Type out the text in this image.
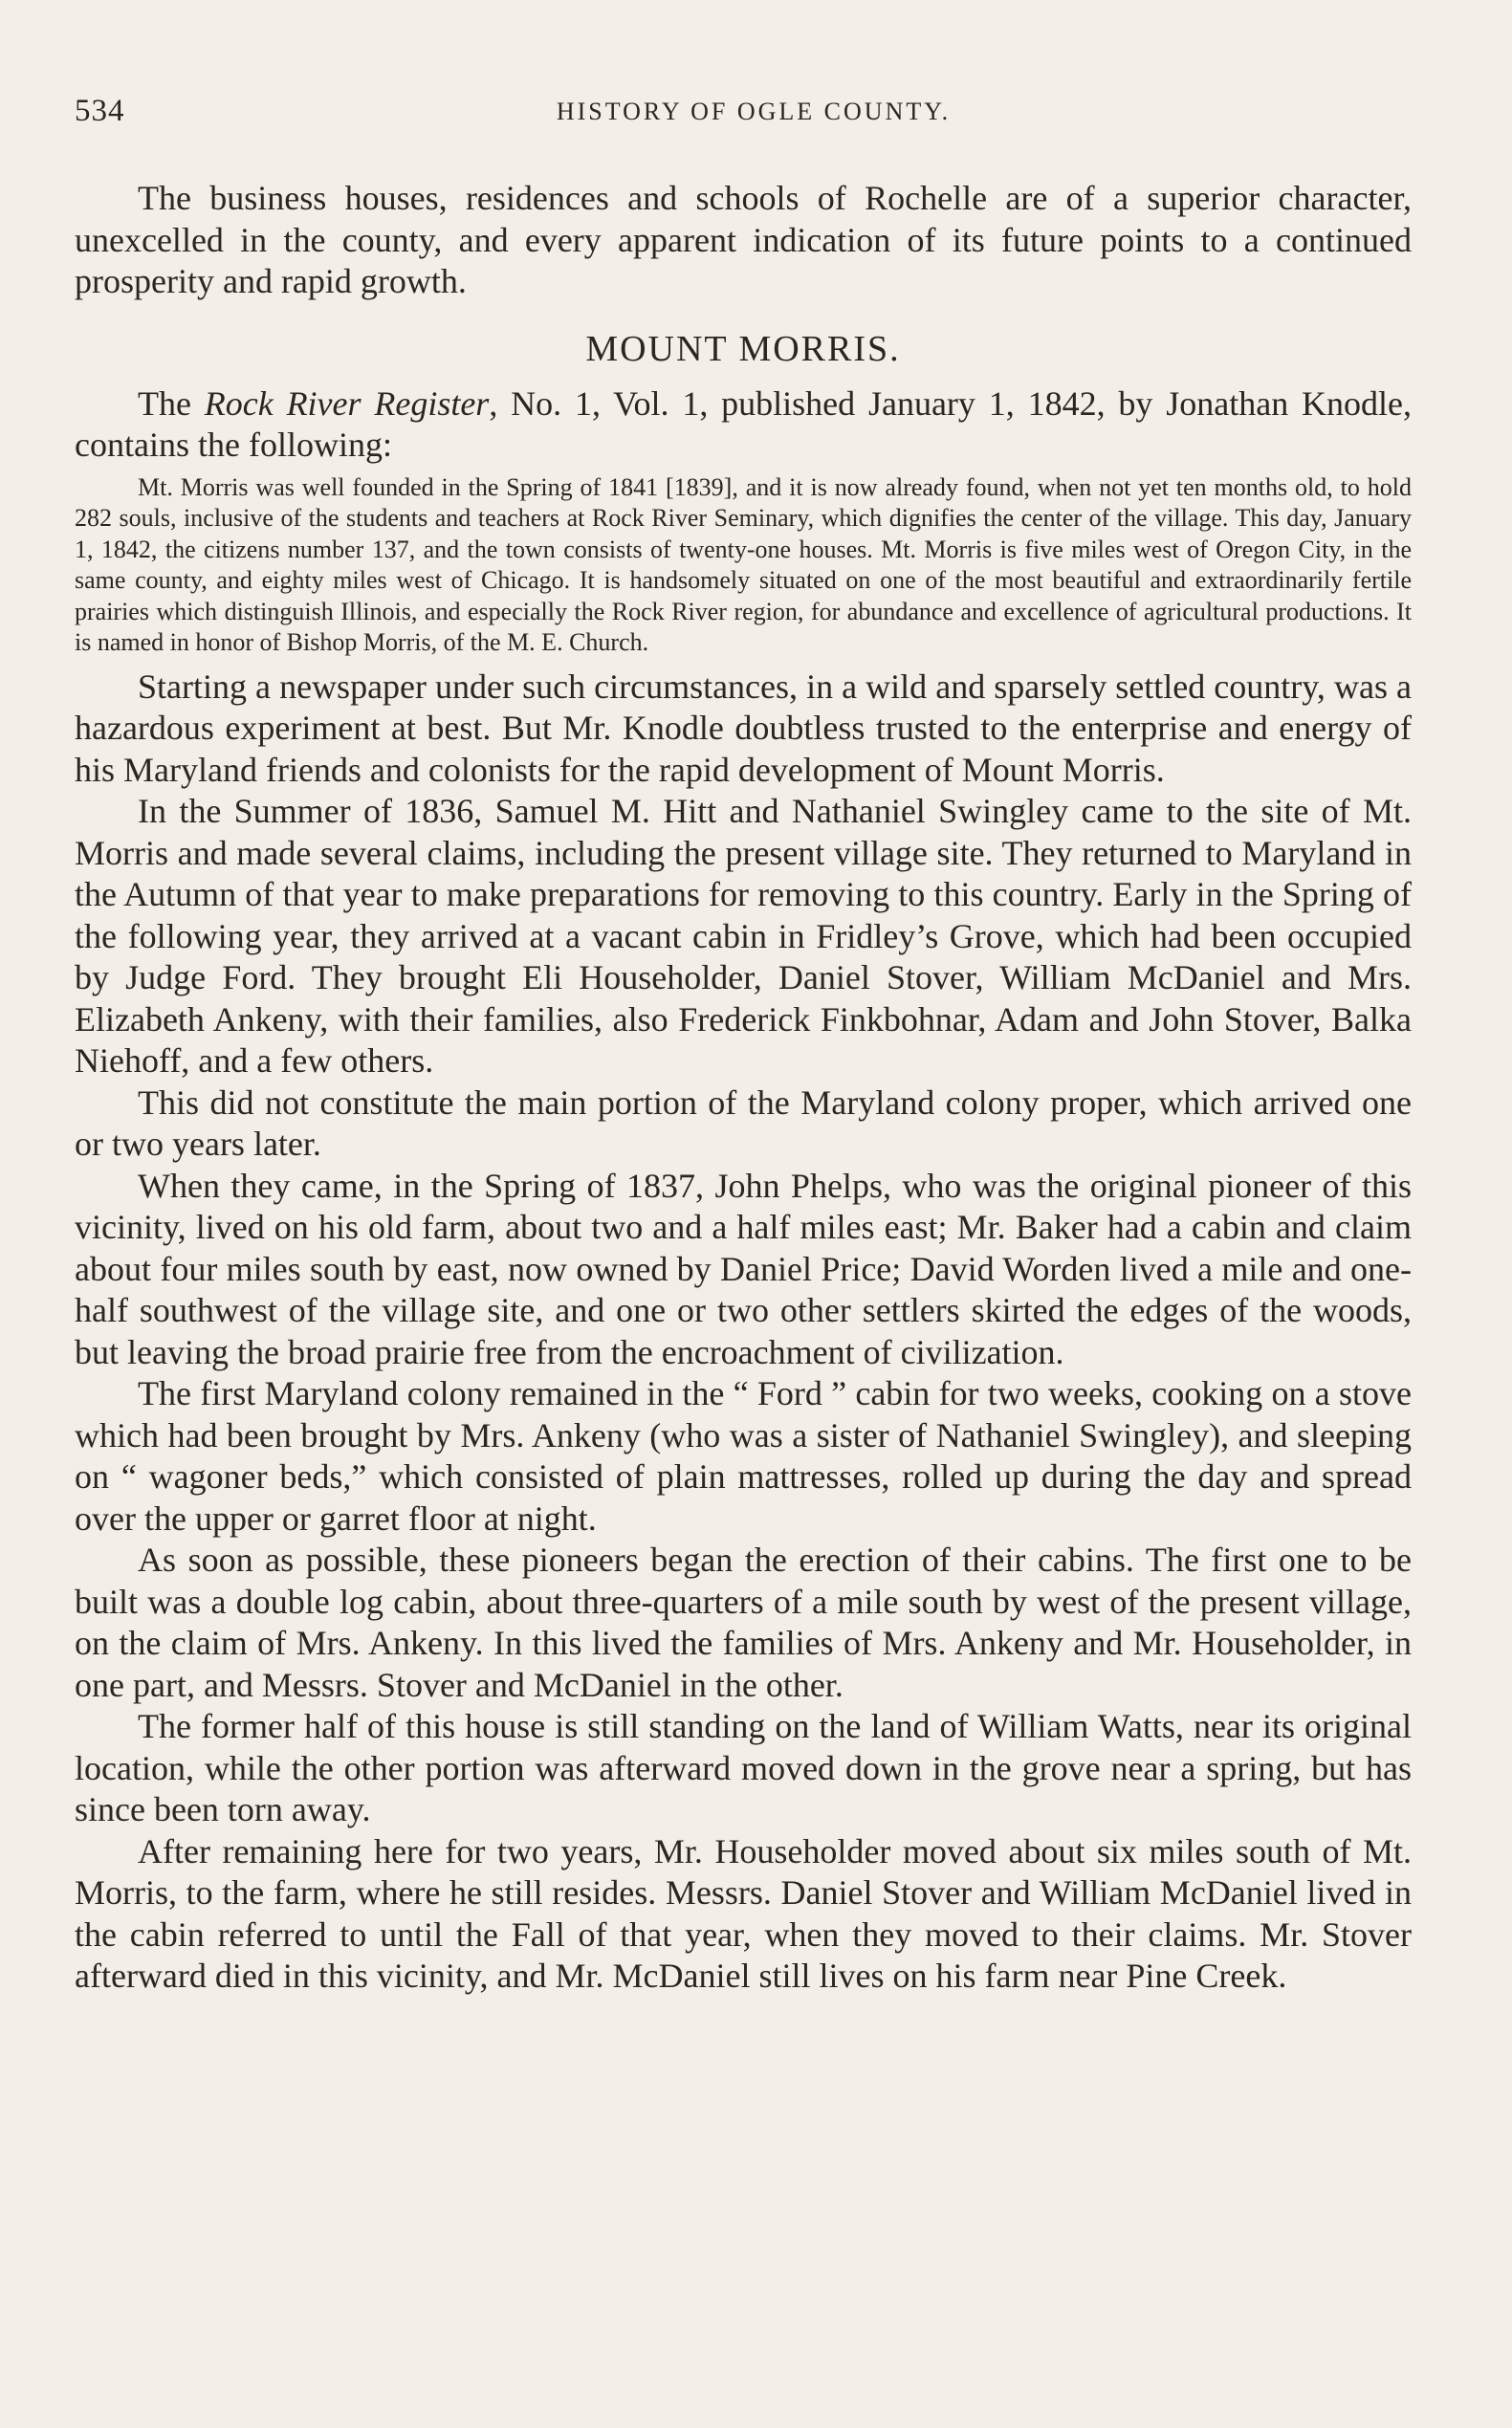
534	HISTORY OF OGLE COUNTY.

The business houses, residences and schools of Rochelle are of a superior character, unexcelled in the county, and every apparent indication of its future points to a continued prosperity and rapid growth.

MOUNT MORRIS.

The Rock River Register, No. 1, Vol. 1, published January 1, 1842, by Jonathan Knodle, contains the following:

Mt. Morris was well founded in the Spring of 1841 [1839], and it is now already found, when not yet ten months old, to hold 282 souls, inclusive of the students and teachers at Rock River Seminary, which dignifies the center of the village. This day, January 1, 1842, the citizens number 137, and the town consists of twenty-one houses. Mt. Morris is five miles west of Oregon City, in the same county, and eighty miles west of Chicago. It is handsomely situated on one of the most beautiful and extraordinarily fertile prairies which distinguish Illinois, and especially the Rock River region, for abundance and excellence of agricultural productions. It is named in honor of Bishop Morris, of the M. E. Church.

Starting a newspaper under such circumstances, in a wild and sparsely settled country, was a hazardous experiment at best. But Mr. Knodle doubtless trusted to the enterprise and energy of his Maryland friends and colonists for the rapid development of Mount Morris.

In the Summer of 1836, Samuel M. Hitt and Nathaniel Swingley came to the site of Mt. Morris and made several claims, including the present village site. They returned to Maryland in the Autumn of that year to make preparations for removing to this country. Early in the Spring of the following year, they arrived at a vacant cabin in Fridley’s Grove, which had been occupied by Judge Ford. They brought Eli Householder, Daniel Stover, William McDaniel and Mrs. Elizabeth Ankeny, with their families, also Frederick Finkbohnar, Adam and John Stover, Balka Niehoff, and a few others.

This did not constitute the main portion of the Maryland colony proper, which arrived one or two years later.

When they came, in the Spring of 1837, John Phelps, who was the original pioneer of this vicinity, lived on his old farm, about two and a half miles east; Mr. Baker had a cabin and claim about four miles south by east, now owned by Daniel Price; David Worden lived a mile and one-half southwest of the village site, and one or two other settlers skirted the edges of the woods, but leaving the broad prairie free from the encroachment of civilization.

The first Maryland colony remained in the “ Ford ” cabin for two weeks, cooking on a stove which had been brought by Mrs. Ankeny (who was a sister of Nathaniel Swingley), and sleeping on “ wagoner beds,” which consisted of plain mattresses, rolled up during the day and spread over the upper or garret floor at night.

As soon as possible, these pioneers began the erection of their cabins. The first one to be built was a double log cabin, about three-quarters of a mile south by west of the present village, on the claim of Mrs. Ankeny. In this lived the families of Mrs. Ankeny and Mr. Householder, in one part, and Messrs. Stover and McDaniel in the other.

The former half of this house is still standing on the land of William Watts, near its original location, while the other portion was afterward moved down in the grove near a spring, but has since been torn away.

After remaining here for two years, Mr. Householder moved about six miles south of Mt. Morris, to the farm, where he still resides. Messrs. Daniel Stover and William McDaniel lived in the cabin referred to until the Fall of that year, when they moved to their claims. Mr. Stover afterward died in this vicinity, and Mr. McDaniel still lives on his farm near Pine Creek.
